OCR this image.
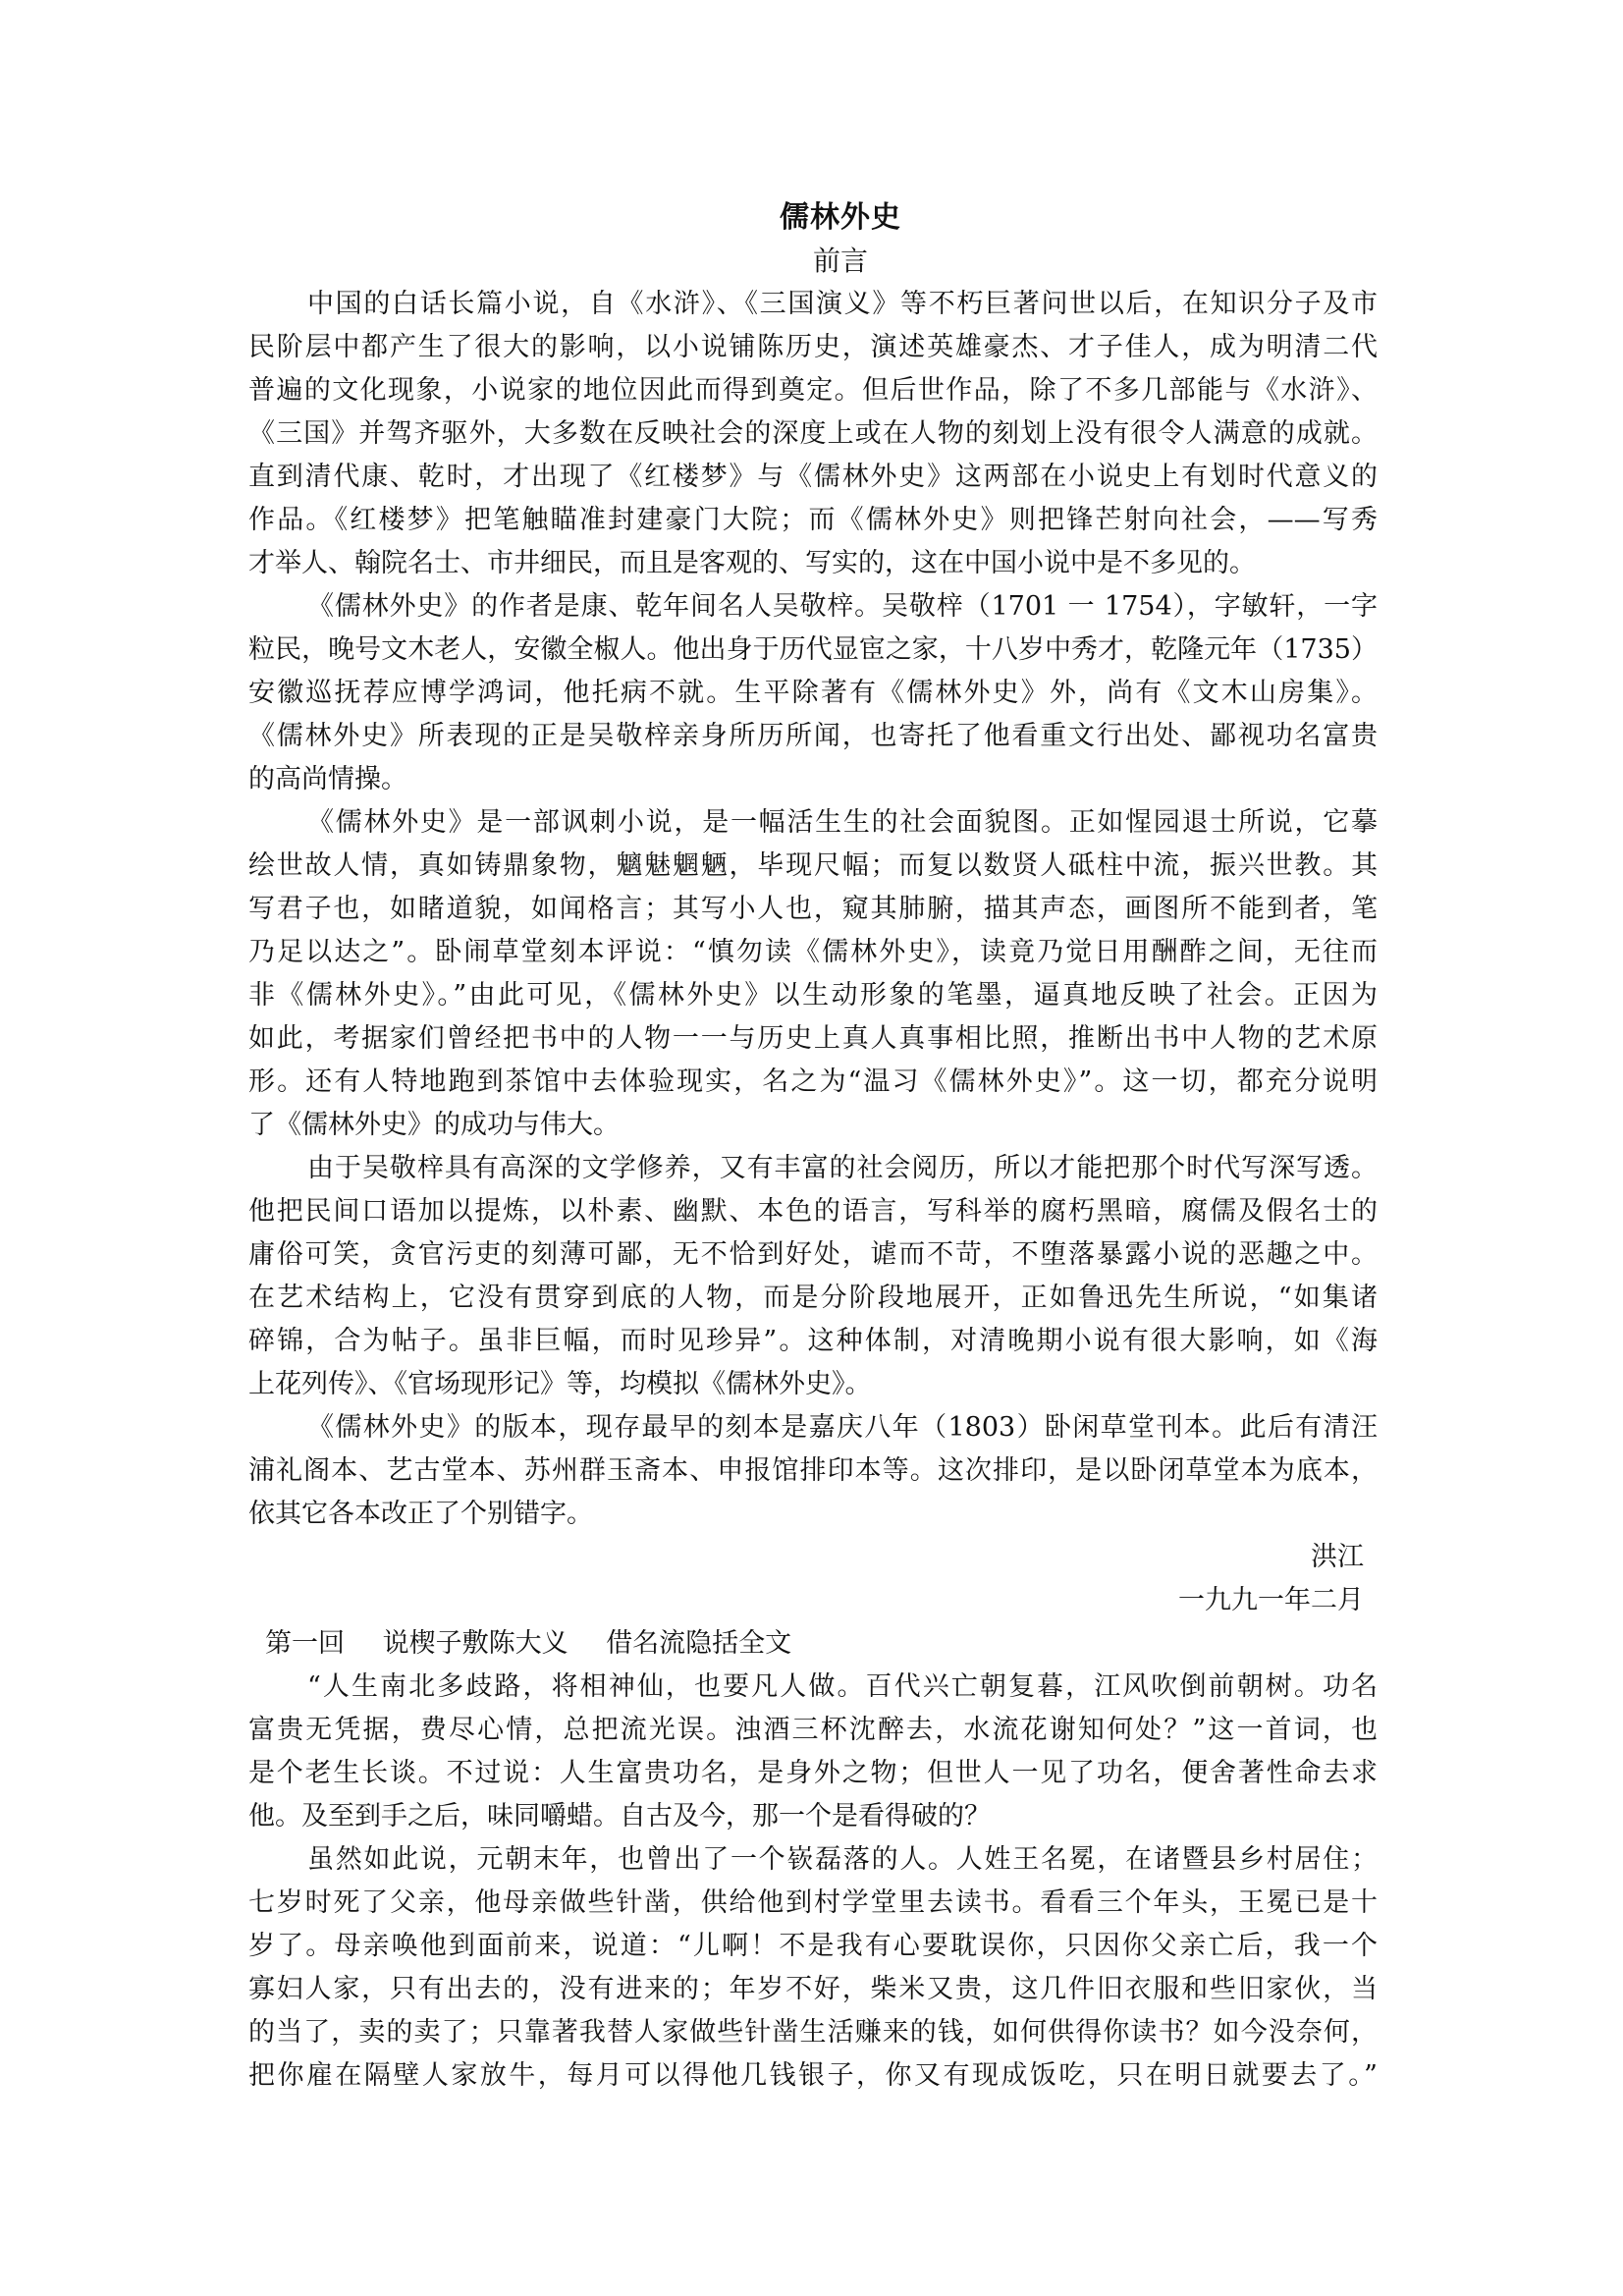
儒林外史
前言
中国的白话长篇小说，自《水浒》、《三国演义》等不朽巨著问世以后，在知识分子及市
民阶层中都产生了很大的影响，以小说铺陈历史，演述英雄豪杰、才子佳人，成为明清二代
普遍的文化现象，小说家的地位因此而得到奠定。但后世作品，除了不多几部能与《水浒》、
《三国》并驾齐驱外，大多数在反映社会的深度上或在人物的刻划上没有很令人满意的成就。
直到清代康、乾时，才出现了《红楼梦》与《儒林外史》这两部在小说史上有划时代意义的
作品。《红楼梦》把笔触瞄准封建豪门大院；而《儒林外史》则把锋芒射向社会，——写秀
才举人、翰院名士、市井细民，而且是客观的、写实的，这在中国小说中是不多见的。
《儒林外史》的作者是康、乾年间名人吴敬梓。吴敬梓（1701 一 1754），字敏轩，一字
粒民，晚号文木老人，安徽全椒人。他出身于历代显宦之家，十八岁中秀才，乾隆元年（1735）
安徽巡抚荐应博学鸿词，他托病不就。生平除著有《儒林外史》外，尚有《文木山房集》。
《儒林外史》所表现的正是吴敬梓亲身所历所闻，也寄托了他看重文行出处、鄙视功名富贵
的高尚情操。
《儒林外史》是一部讽刺小说，是一幅活生生的社会面貌图。正如惺园退士所说，它摹
绘世故人情，真如铸鼎象物，魑魅魍魉，毕现尺幅；而复以数贤人砥柱中流，振兴世教。其
写君子也，如睹道貌，如闻格言；其写小人也，窥其肺腑，描其声态，画图所不能到者，笔
乃足以达之”。卧闹草堂刻本评说：“慎勿读《儒林外史》，读竟乃觉日用酬酢之间，无往而
非《儒林外史》。”由此可见，《儒林外史》以生动形象的笔墨，逼真地反映了社会。正因为
如此，考据家们曾经把书中的人物一一与历史上真人真事相比照，推断出书中人物的艺术原
形。还有人特地跑到茶馆中去体验现实，名之为“温习《儒林外史》”。这一切，都充分说明
了《儒林外史》的成功与伟大。
由于吴敬梓具有高深的文学修养，又有丰富的社会阅历，所以才能把那个时代写深写透。
他把民间口语加以提炼，以朴素、幽默、本色的语言，写科举的腐朽黑暗，腐儒及假名士的
庸俗可笑，贪官污吏的刻薄可鄙，无不恰到好处，谑而不苛，不堕落暴露小说的恶趣之中。
在艺术结构上，它没有贯穿到底的人物，而是分阶段地展开，正如鲁迅先生所说，“如集诸
碎锦，合为帖子。虽非巨幅，而时见珍异”。这种体制，对清晚期小说有很大影响，如《海
上花列传》、《官场现形记》等，均模拟《儒林外史》。
《儒林外史》的版本，现存最早的刻本是嘉庆八年（1803）卧闲草堂刊本。此后有清汪
浦礼阁本、艺古堂本、苏州群玉斋本、申报馆排印本等。这次排印，是以卧闭草堂本为底本，
依其它各本改正了个别错字。
洪江
一九九一年二月
第一回 说楔子敷陈大义 借名流隐括全文
“人生南北多歧路，将相神仙，也要凡人做。百代兴亡朝复暮，江风吹倒前朝树。功名
富贵无凭据，费尽心情，总把流光误。浊酒三杯沈醉去，水流花谢知何处？”这一首词，也
是个老生长谈。不过说：人生富贵功名，是身外之物；但世人一见了功名，便舍著性命去求
他。及至到手之后，味同嚼蜡。自古及今，那一个是看得破的？
虽然如此说，元朝末年，也曾出了一个嵚磊落的人。人姓王名冕，在诸暨县乡村居住；
七岁时死了父亲，他母亲做些针凿，供给他到村学堂里去读书。看看三个年头，王冕已是十
岁了。母亲唤他到面前来，说道：“儿啊！不是我有心要耽误你，只因你父亲亡后，我一个
寡妇人家，只有出去的，没有进来的；年岁不好，柴米又贵，这几件旧衣服和些旧家伙，当
的当了，卖的卖了；只靠著我替人家做些针凿生活赚来的钱，如何供得你读书？如今没奈何，
把你雇在隔壁人家放牛，每月可以得他几钱银子，你又有现成饭吃，只在明日就要去了。”
